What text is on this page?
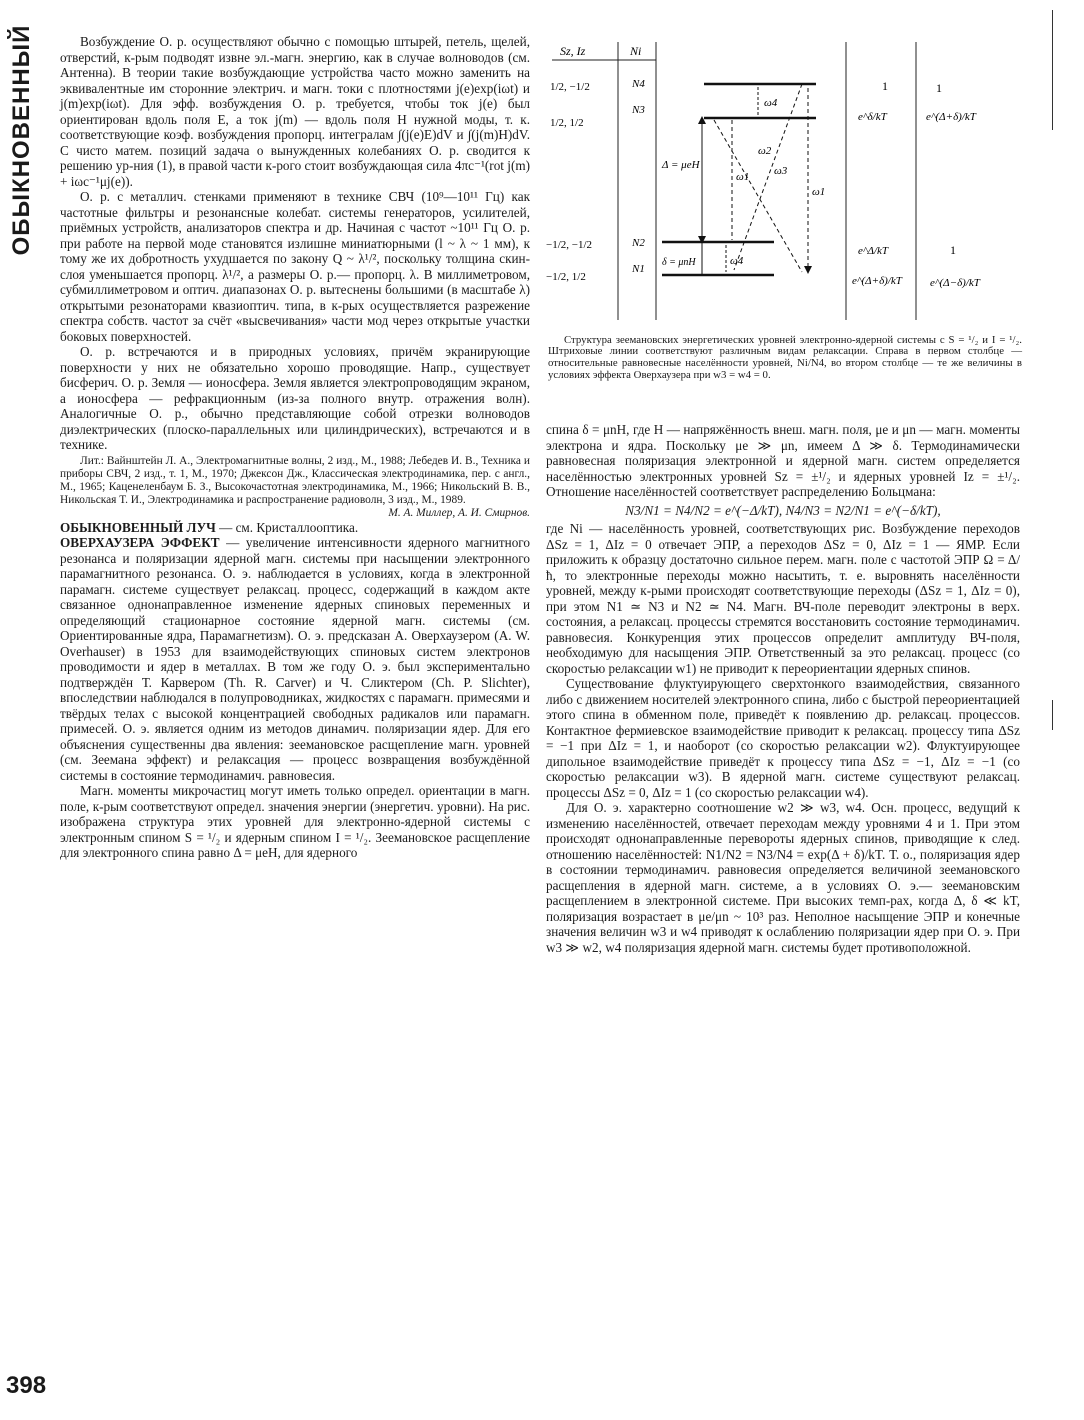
ОБЫКНОВЕННЫЙ
398

Возбуждение О. р. осуществляют обычно с помощью штырей, петель, щелей, отверстий, к-рым подводят извне эл.-магн. энергию, как в случае волноводов (см. Антенна). В теории такие возбуждающие устройства часто можно заменить на эквивалентные им сторонние электрич. и магн. токи с плотностями j(e)exp(iωt) и j(m)exp(iωt). Для эфф. возбуждения О. р. требуется, чтобы ток j(e) был ориентирован вдоль поля E, а ток j(m) — вдоль поля H нужной моды, т. к. соответствующие коэф. возбуждения пропорц. интегралам ∫(j(e)E)dV и ∫(j(m)H)dV. С чисто матем. позиций задача о вынужденных колебаниях О. р. сводится к решению ур-ния (1), в правой части к-рого стоит возбуждающая сила 4πc⁻¹(rot j(m) + iωc⁻¹μj(e)).

О. р. с металлич. стенками применяют в технике СВЧ (10⁹—10¹¹ Гц) как частотные фильтры и резонансные колебат. системы генераторов, усилителей, приёмных устройств, анализаторов спектра и др. Начиная с частот ~10¹¹ Гц О. р. при работе на первой моде становятся излишне миниатюрными (l ~ λ ~ 1 мм), к тому же их добротность ухудшается по закону Q ~ λ¹/², поскольку толщина скин-слоя уменьшается пропорц. λ¹/², а размеры О. р.— пропорц. λ. В миллиметровом, субмиллиметровом и оптич. диапазонах О. р. вытеснены большими (в масштабе λ) открытыми резонаторами квазиоптич. типа, в к-рых осуществляется разрежение спектра собств. частот за счёт «высвечивания» части мод через открытые участки боковых поверхностей.

О. р. встречаются и в природных условиях, причём экранирующие поверхности у них не обязательно хорошо проводящие. Напр., существует бисферич. О. р. Земля — ионосфера. Земля является электропроводящим экраном, а ионосфера — рефракционным (из-за полного внутр. отражения волн). Аналогичные О. р., обычно представляющие собой отрезки волноводов диэлектрических (плоско-параллельных или цилиндрических), встречаются и в технике.

Лит.: Вайнштейн Л. А., Электромагнитные волны, 2 изд., М., 1988; Лебедев И. В., Техника и приборы СВЧ, 2 изд., т. 1, М., 1970; Джексон Дж., Классическая электродинамика, пер. с англ., М., 1965; Каценеленбаум Б. З., Высокочастотная электродинамика, М., 1966; Никольский В. В., Никольская Т. И., Электродинамика и распространение радиоволн, 3 изд., М., 1989.

М. А. Миллер, А. И. Смирнов.

ОБЫКНОВЕННЫЙ ЛУЧ — см. Кристаллооптика.

ОВЕРХАУЗЕРА ЭФФЕКТ — увеличение интенсивности ядерного магнитного резонанса и поляризации ядерной магн. системы при насыщении электронного парамагнитного резонанса. О. э. наблюдается в условиях, когда в электронной парамагн. системе существует релаксац. процесс, содержащий в каждом акте связанное однонаправленное изменение ядерных спиновых переменных и определяющий стационарное состояние ядерной магн. системы (см. Ориентированные ядра, Парамагнетизм). О. э. предсказан А. Оверхаузером (A. W. Overhauser) в 1953 для взаимодействующих спиновых систем электронов проводимости и ядер в металлах. В том же году О. э. был экспериментально подтверждён Т. Карвером (Th. R. Carver) и Ч. Сликтером (Ch. P. Slichter), впоследствии наблюдался в полупроводниках, жидкостях с парамагн. примесями и твёрдых телах с высокой концентрацией свободных радикалов или парамагн. примесей. О. э. является одним из методов динамич. поляризации ядер. Для его объяснения существенны два явления: зеемановское расщепление магн. уровней (см. Зеемана эффект) и релаксация — процесс возвращения возбуждённой системы в состояние термодинамич. равновесия.

Магн. моменты микрочастиц могут иметь только определ. ориентации в магн. поле, к-рым соответствуют определ. значения энергии (энергетич. уровни). На рис. изображена структура этих уровней для электронно-ядерной системы с электронным спином S = ¹/₂ и ядерным спином I = ¹/₂. Зеемановское расщепление для электронного спина равно Δ = μeH, для ядерного

Sz, Iz	Ni
1/2, −1/2
1/2, 1/2
−1/2, −1/2
−1/2, 1/2
N4
N3
N2
N1
Δ = μeH
δ = μnH
ω4
ω2
ω1 ω3
ω1
ω4
1
e^δ/kT
e^Δ/kT
e^(Δ+δ)/kT
1
e^(Δ+δ)/kT
1
e^(Δ−δ)/kT

Структура зеемановских энергетических уровней электронно-ядерной системы с S = ¹/₂ и I = ¹/₂. Штриховые линии соответствуют различным видам релаксации. Справа в первом столбце — относительные равновесные населённости уровней, Ni/N4, во втором столбце — те же величины в условиях эффекта Оверхаузера при w3 = w4 = 0.

спина δ = μnH, где H — напряжённость внеш. магн. поля, μe и μn — магн. моменты электрона и ядра. Поскольку μe ≫ μn, имеем Δ ≫ δ. Термодинамически равновесная поляризация электронной и ядерной магн. систем определяется населённостью электронных уровней Sz = ±¹/₂ и ядерных уровней Iz = ±¹/₂. Отношение населённостей соответствует распределению Больцмана:

N3/N1 = N4/N2 = e^(−Δ/kT), N4/N3 = N2/N1 = e^(−δ/kT),

где Ni — населённость уровней, соответствующих рис. Возбуждение переходов ΔSz = 1, ΔIz = 0 отвечает ЭПР, а переходов ΔSz = 0, ΔIz = 1 — ЯМР. Если приложить к образцу достаточно сильное перем. магн. поле с частотой ЭПР Ω = Δ/ħ, то электронные переходы можно насытить, т. е. выровнять населённости уровней, между к-рыми происходят соответствующие переходы (ΔSz = 1, ΔIz = 0), при этом N1 ≃ N3 и N2 ≃ N4. Магн. ВЧ-поле переводит электроны в верх. состояния, а релаксац. процессы стремятся восстановить состояние термодинамич. равновесия. Конкуренция этих процессов определит амплитуду ВЧ-поля, необходимую для насыщения ЭПР. Ответственный за это релаксац. процесс (со скоростью релаксации w1) не приводит к переориентации ядерных спинов.

Существование флуктуирующего сверхтонкого взаимодействия, связанного либо с движением носителей электронного спина, либо с быстрой переориентацией этого спина в обменном поле, приведёт к появлению др. релаксац. процессов. Контактное фермиевское взаимодействие приводит к релаксац. процессу типа ΔSz = −1 при ΔIz = 1, и наоборот (со скоростью релаксации w2). Флуктуирующее дипольное взаимодействие приведёт к процессу типа ΔSz = −1, ΔIz = −1 (со скоростью релаксации w3). В ядерной магн. системе существуют релаксац. процессы ΔSz = 0, ΔIz = 1 (со скоростью релаксации w4).

Для О. э. характерно соотношение w2 ≫ w3, w4. Осн. процесс, ведущий к изменению населённостей, отвечает переходам между уровнями 4 и 1. При этом происходят однонаправленные перевороты ядерных спинов, приводящие к след. отношению населённостей: N1/N2 = N3/N4 = exp(Δ + δ)/kT. Т. о., поляризация ядер в состоянии термодинамич. равновесия определяется величиной зеемановского расщепления в ядерной магн. системе, а в условиях О. э.— зеемановским расщеплением в электронной системе. При высоких темп-рах, когда Δ, δ ≪ kT, поляризация возрастает в μe/μn ~ 10³ раз. Неполное насыщение ЭПР и конечные значения величин w3 и w4 приводят к ослаблению поляризации ядер при О. э. При w3 ≫ w2, w4 поляризация ядерной магн. системы будет противоположной.
